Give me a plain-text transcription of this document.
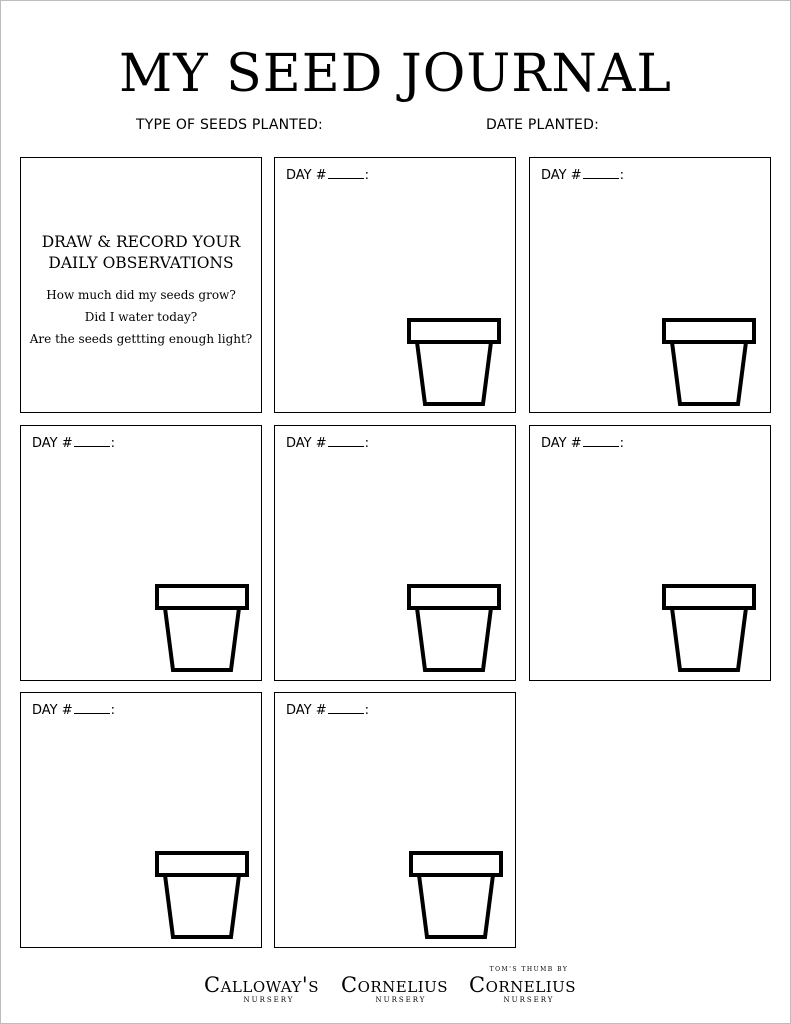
MY SEED JOURNAL
TYPE OF SEEDS PLANTED:	DATE PLANTED:
DRAW & RECORD YOUR
DAILY OBSERVATIONS

How much did my seeds grow?

Did I water today?

Are the seeds gettting enough light?

DAY #	:	DAY #	:
DAY #	:	DAY #	:	DAY #	:
DAY #	:	DAY #	:
Calloway's
NURSERY
Cornelius
NURSERY
TOM'S THUMB BY
Cornelius
NURSERY
